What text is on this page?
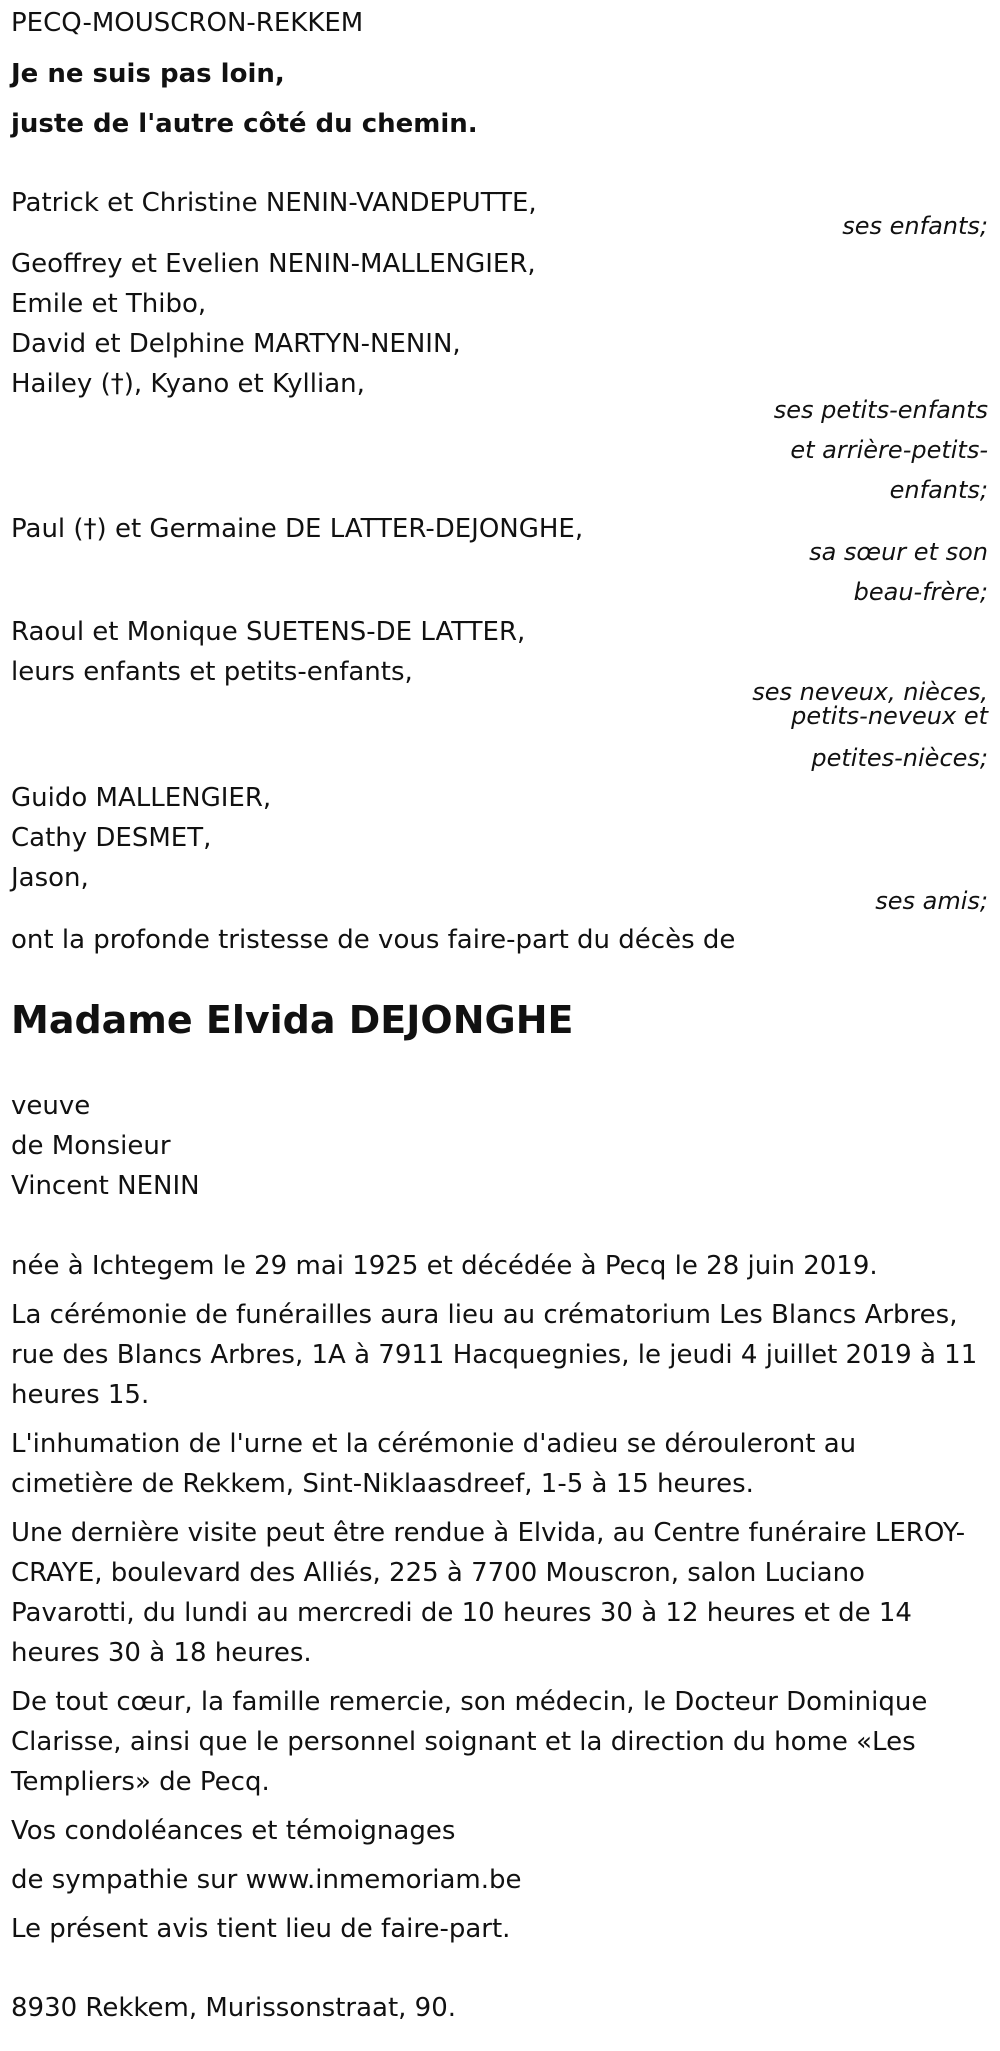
PECQ-MOUSCRON-REKKEM
Je ne suis pas loin,
juste de l'autre côté du chemin.
Patrick et Christine NENIN-VANDEPUTTE,
ses enfants;
Geoffrey et Evelien NENIN-MALLENGIER,
Emile et Thibo,
David et Delphine MARTYN-NENIN,
Hailey (†), Kyano et Kyllian,
ses petits-enfants
et arrière-petits-
enfants;
Paul (†) et Germaine DE LATTER-DEJONGHE,
sa sœur et son
beau-frère;
Raoul et Monique SUETENS-DE LATTER,
leurs enfants et petits-enfants,
ses neveux, nièces,
petits-neveux et
petites-nièces;
Guido MALLENGIER,
Cathy DESMET,
Jason,
ses amis;
ont la profonde tristesse de vous faire-part du décès de
Madame Elvida DEJONGHE
veuve
de Monsieur
Vincent NENIN
née à Ichtegem le 29 mai 1925 et décédée à Pecq le 28 juin 2019.
La cérémonie de funérailles aura lieu au crématorium Les Blancs Arbres,
rue des Blancs Arbres, 1A à 7911 Hacquegnies, le jeudi 4 juillet 2019 à 11
heures 15.
L'inhumation de l'urne et la cérémonie d'adieu se dérouleront au
cimetière de Rekkem, Sint-Niklaasdreef, 1-5 à 15 heures.
Une dernière visite peut être rendue à Elvida, au Centre funéraire LEROY-
CRAYE, boulevard des Alliés, 225 à 7700 Mouscron, salon Luciano
Pavarotti, du lundi au mercredi de 10 heures 30 à 12 heures et de 14
heures 30 à 18 heures.
De tout cœur, la famille remercie, son médecin, le Docteur Dominique
Clarisse, ainsi que le personnel soignant et la direction du home «Les
Templiers» de Pecq.
Vos condoléances et témoignages
de sympathie sur www.inmemoriam.be
Le présent avis tient lieu de faire-part.
8930 Rekkem, Murissonstraat, 90.
